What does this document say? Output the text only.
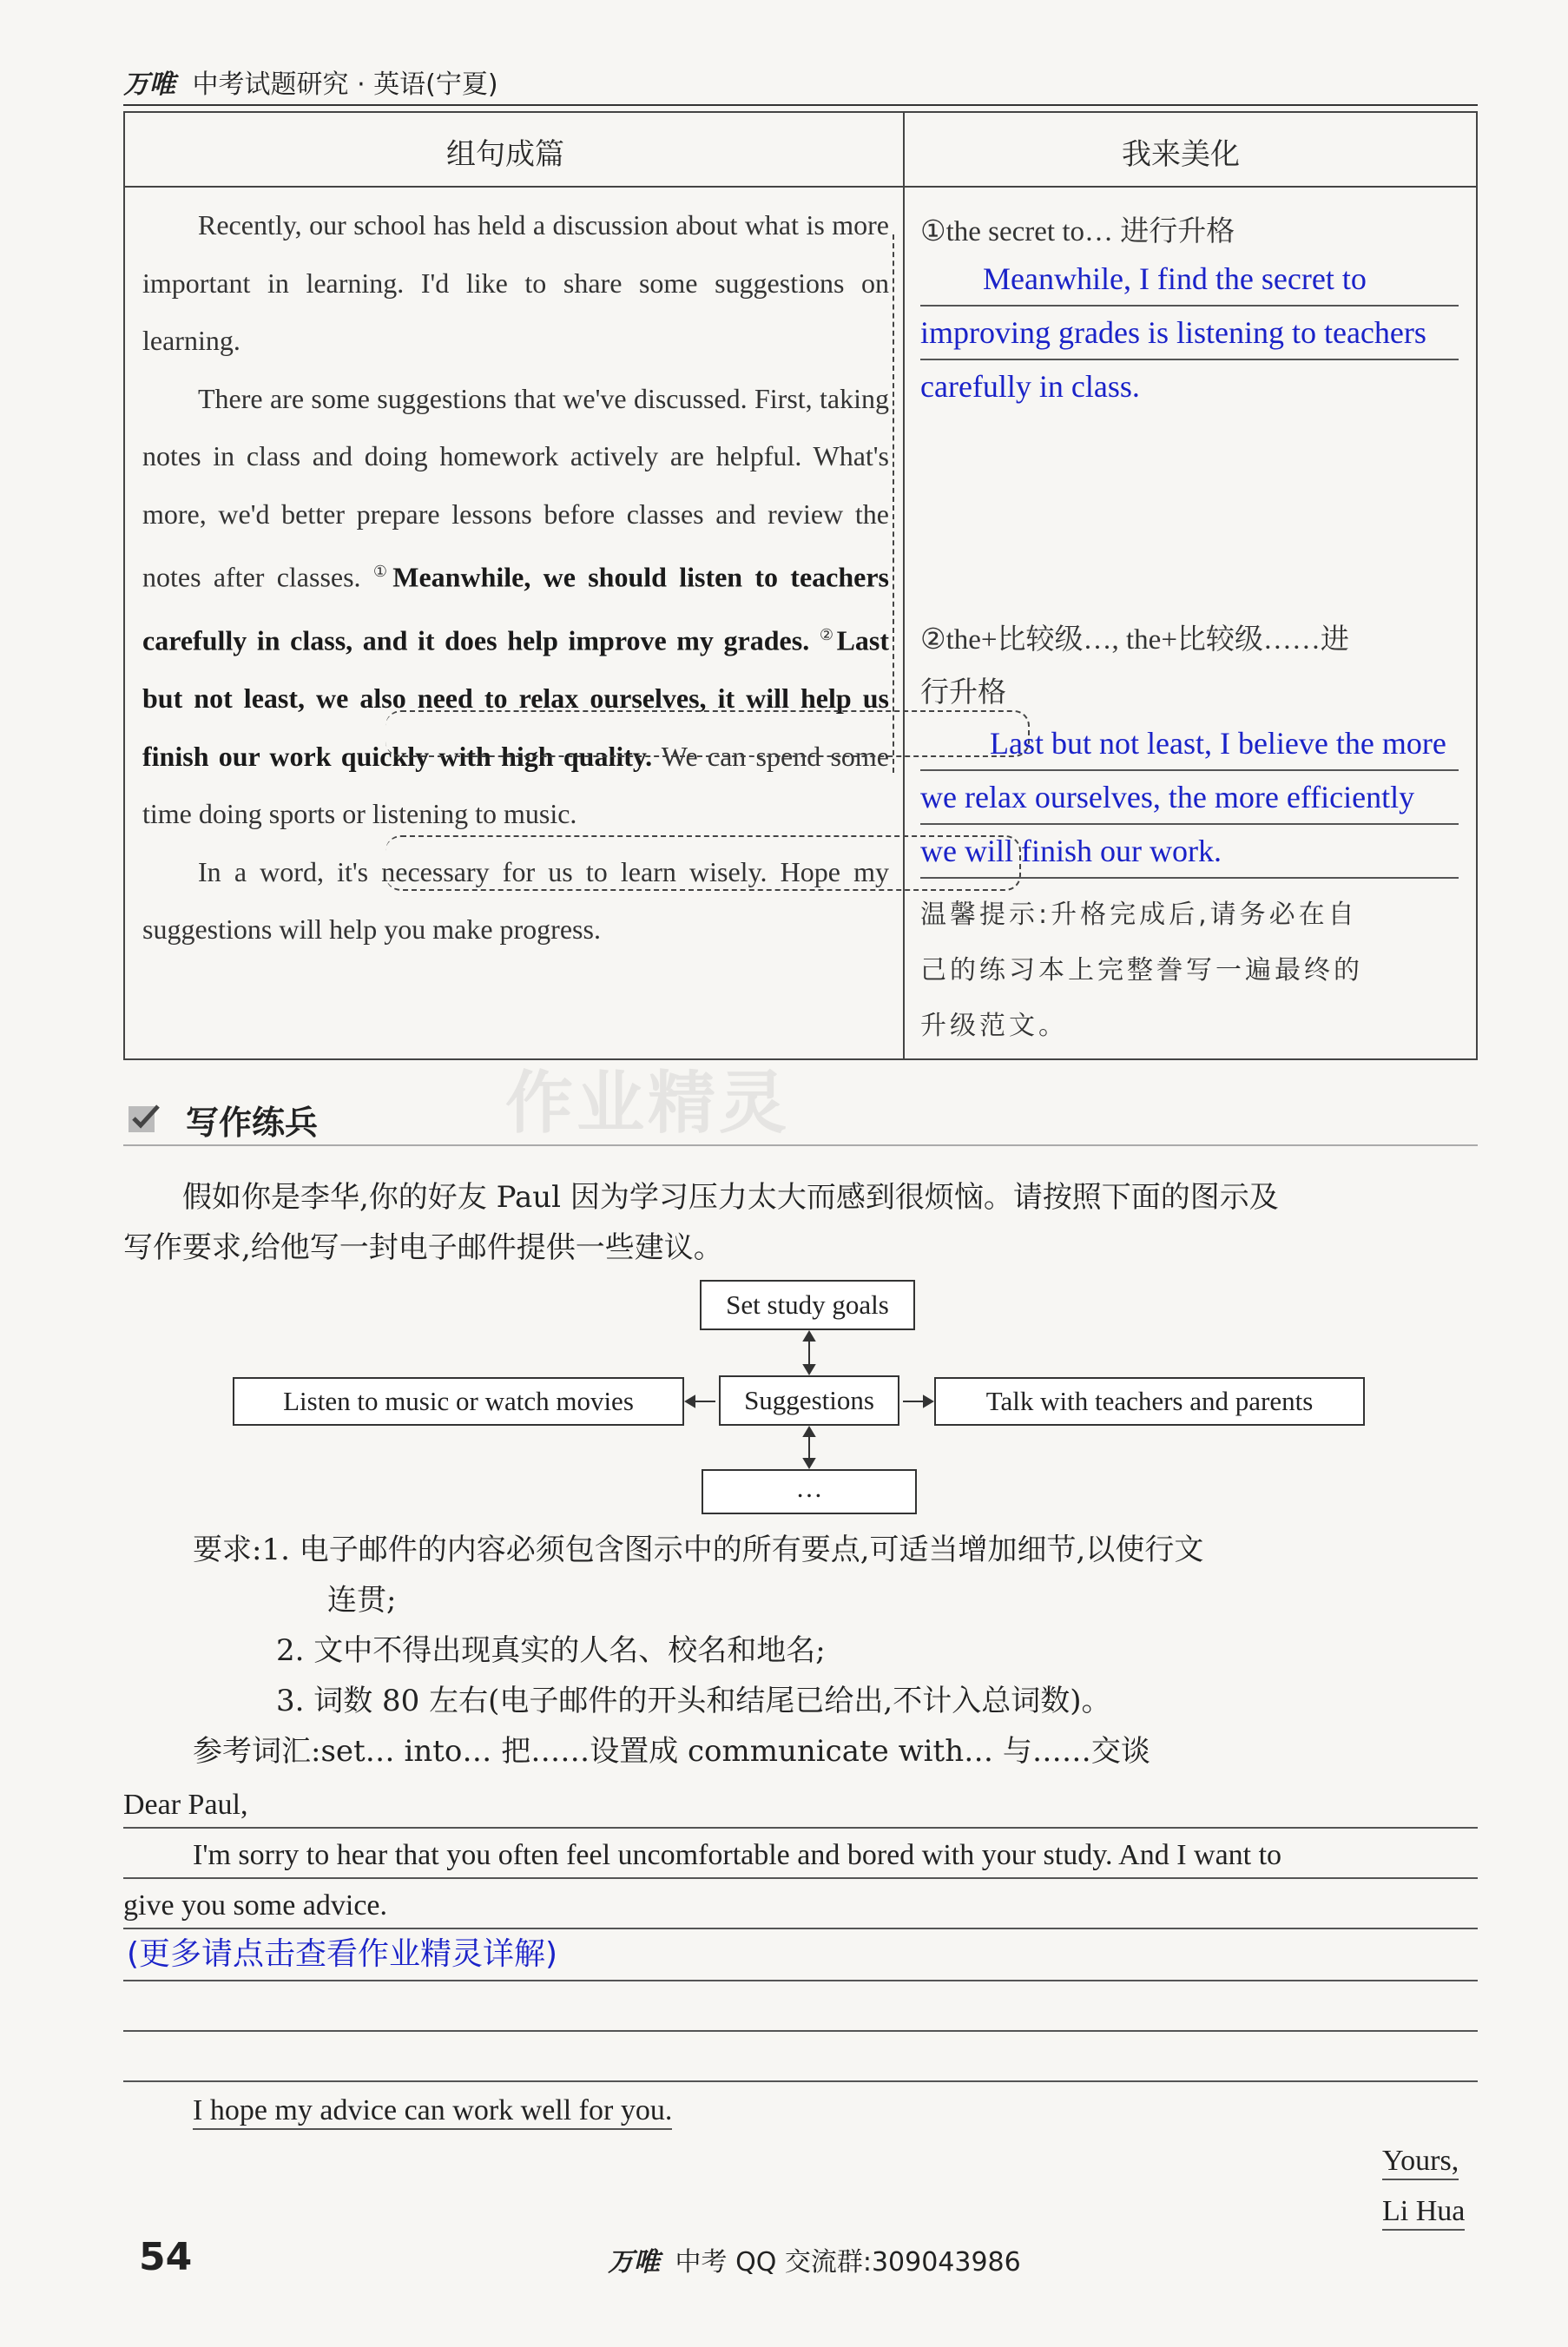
万唯 中考试题研究 · 英语(宁夏)
组句成篇	我来美化

Recently, our school has held a discussion about what is more important in learning. I'd like to share some suggestions on learning.

There are some suggestions that we've discussed. First, taking notes in class and doing homework actively are helpful. What's more, we'd better prepare lessons before classes and review the notes after classes. ①Meanwhile, we should listen to teachers carefully in class, and it does help improve my grades. ②Last but not least, we also need to relax ourselves, it will help us finish our work quickly with high quality. We can spend some time doing sports or listening to music.

In a word, it's necessary for us to learn wisely. Hope my suggestions will help you make progress.

①the secret to… 进行升格
Meanwhile, I find the secret to
improving grades is listening to teachers
carefully in class.
②the+比较级…, the+比较级……进
行升格
Last but not least, I believe the more
we relax ourselves, the more efficiently
we will finish our work.
温馨提示:升格完成后,请务必在自
己的练习本上完整誊写一遍最终的
升级范文。
作业精灵
写作练兵

假如你是李华,你的好友 Paul 因为学习压力太大而感到很烦恼。请按照下面的图示及

写作要求,给他写一封电子邮件提供一些建议。
Set study goals
Suggestions
Listen to music or watch movies	Talk with teachers and parents
…
要求:1. 电子邮件的内容必须包含图示中的所有要点,可适当增加细节,以使行文
连贯;
2. 文中不得出现真实的人名、校名和地名;
3. 词数 80 左右(电子邮件的开头和结尾已给出,不计入总词数)。
参考词汇:set… into… 把……设置成 communicate with… 与……交谈
Dear Paul,
I'm sorry to hear that you often feel uncomfortable and bored with your study. And I want to
give you some advice.
(更多请点击查看作业精灵详解)
I hope my advice can work well for you.
Yours,
Li Hua
54	万唯 中考 QQ 交流群:309043986
